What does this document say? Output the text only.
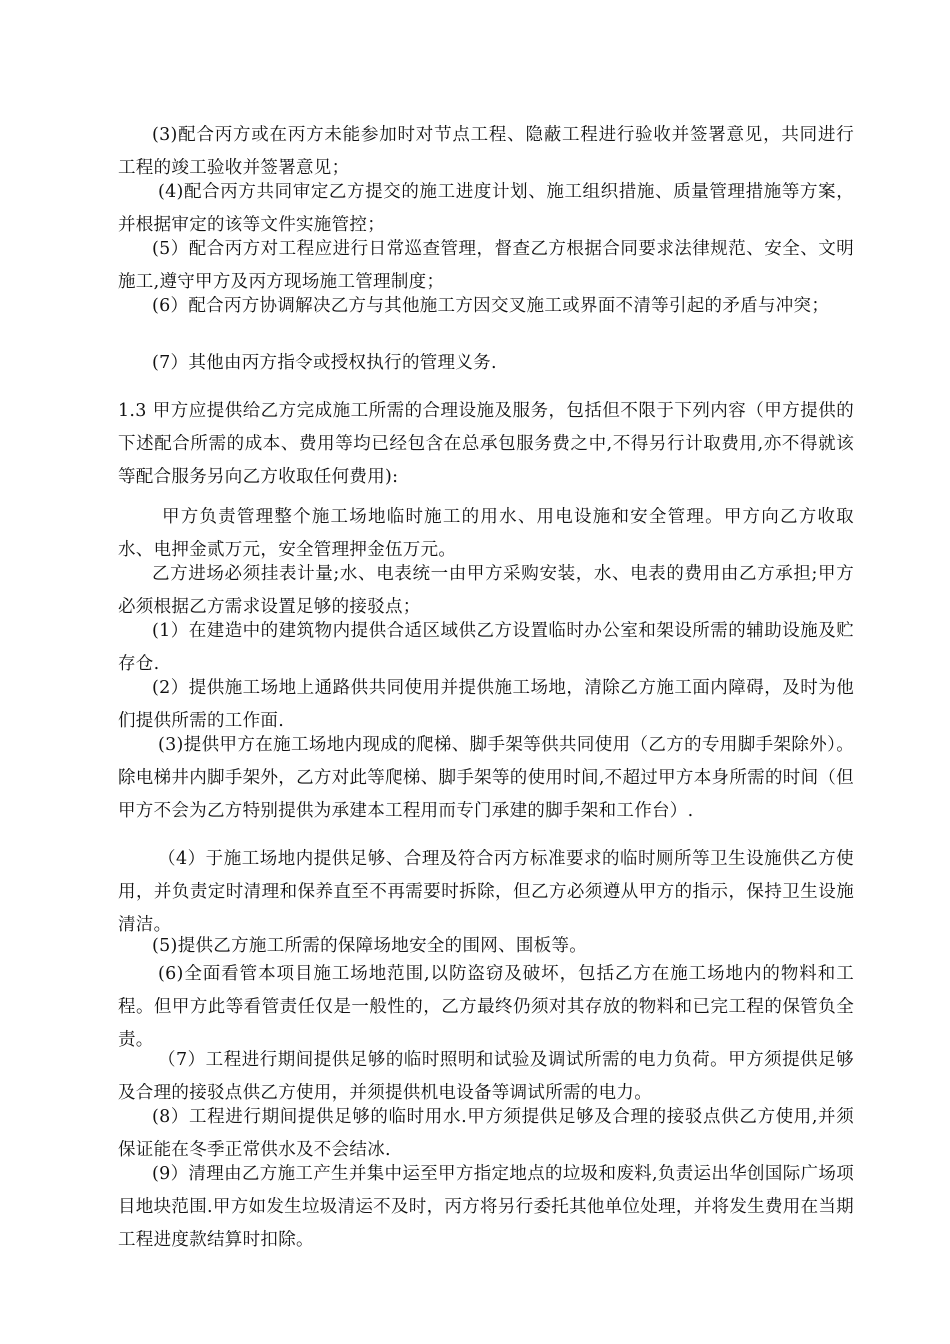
(3)配合丙方或在丙方未能参加时对节点工程、隐蔽工程进行验收并签署意见，共同进行工程的竣工验收并签署意见；

(4)配合丙方共同审定乙方提交的施工进度计划、施工组织措施、质量管理措施等方案，并根据审定的该等文件实施管控；

(5）配合丙方对工程应进行日常巡查管理，督查乙方根据合同要求法律规范、安全、文明施工,遵守甲方及丙方现场施工管理制度；

(6）配合丙方协调解决乙方与其他施工方因交叉施工或界面不清等引起的矛盾与冲突；

(7）其他由丙方指令或授权执行的管理义务.

1.3 甲方应提供给乙方完成施工所需的合理设施及服务，包括但不限于下列内容（甲方提供的下述配合所需的成本、费用等均已经包含在总承包服务费之中,不得另行计取费用,亦不得就该等配合服务另向乙方收取任何费用):

甲方负责管理整个施工场地临时施工的用水、用电设施和安全管理。甲方向乙方收取水、电押金贰万元，安全管理押金伍万元。

乙方进场必须挂表计量;水、电表统一由甲方采购安装，水、电表的费用由乙方承担;甲方必须根据乙方需求设置足够的接驳点；

(1）在建造中的建筑物内提供合适区域供乙方设置临时办公室和架设所需的辅助设施及贮存仓.

(2）提供施工场地上通路供共同使用并提供施工场地，清除乙方施工面内障碍，及时为他们提供所需的工作面.

(3)提供甲方在施工场地内现成的爬梯、脚手架等供共同使用（乙方的专用脚手架除外）。除电梯井内脚手架外，乙方对此等爬梯、脚手架等的使用时间,不超过甲方本身所需的时间（但甲方不会为乙方特别提供为承建本工程用而专门承建的脚手架和工作台）.

（4）于施工场地内提供足够、合理及符合丙方标准要求的临时厕所等卫生设施供乙方使用，并负责定时清理和保养直至不再需要时拆除，但乙方必须遵从甲方的指示，保持卫生设施清洁。

(5)提供乙方施工所需的保障场地安全的围网、围板等。

(6)全面看管本项目施工场地范围,以防盗窃及破坏，包括乙方在施工场地内的物料和工程。但甲方此等看管责任仅是一般性的，乙方最终仍须对其存放的物料和已完工程的保管负全责。

（7）工程进行期间提供足够的临时照明和试验及调试所需的电力负荷。甲方须提供足够及合理的接驳点供乙方使用，并须提供机电设备等调试所需的电力。

(8）工程进行期间提供足够的临时用水.甲方须提供足够及合理的接驳点供乙方使用,并须保证能在冬季正常供水及不会结冰.

(9）清理由乙方施工产生并集中运至甲方指定地点的垃圾和废料,负责运出华创国际广场项目地块范围.甲方如发生垃圾清运不及时，丙方将另行委托其他单位处理，并将发生费用在当期工程进度款结算时扣除。
